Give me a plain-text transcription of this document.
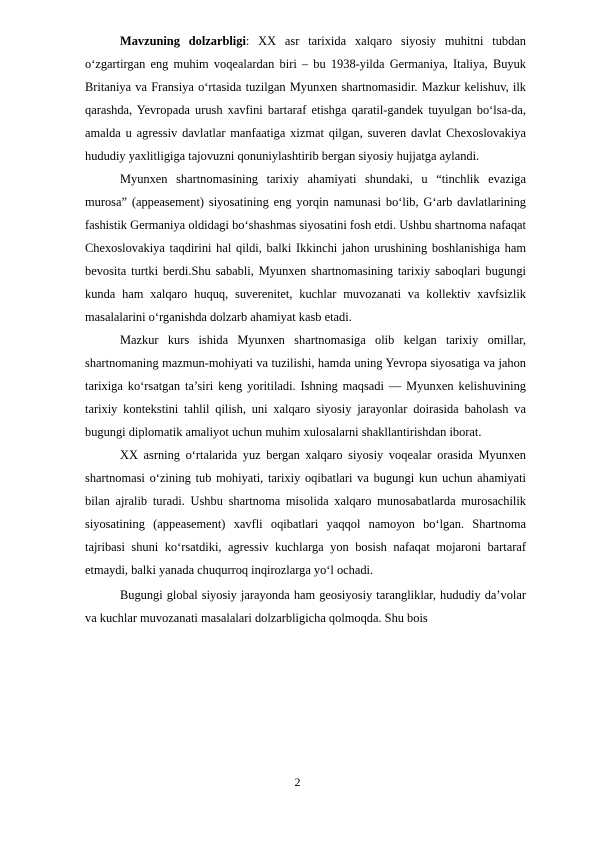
Mavzuning dolzarbligi: XX asr tarixida xalqaro siyosiy muhitni tubdan oʻzgartirgan eng muhim voqealardan biri – bu 1938-yilda Germaniya, Italiya, Buyuk Britaniya va Fransiya oʻrtasida tuzilgan Myunxen shartnomasidir. Mazkur kelishuv, ilk qarashda, Yevropada urush xavfini bartaraf etishga qaratil-gandek tuyulgan boʻlsa-da, amalda u agressiv davlatlar manfaatiga xizmat qilgan, suveren davlat Chexoslovakiya hududiy yaxlitligiga tajovuzni qonuniylashtirib bergan siyosiy hujjatga aylandi.

Myunxen shartnomasining tarixiy ahamiyati shundaki, u “tinchlik evaziga murosa” (appeasement) siyosatining eng yorqin namunasi boʻlib, Gʻarb davlatlarining fashistik Germaniya oldidagi boʻshashmas siyosatini fosh etdi. Ushbu shartnoma nafaqat Chexoslovakiya taqdirini hal qildi, balki Ikkinchi jahon urushining boshlanishiga ham bevosita turtki berdi.Shu sababli, Myunxen shartnomasining tarixiy saboqlari bugungi kunda ham xalqaro huquq, suverenitet, kuchlar muvozanati va kollektiv xavfsizlik masalalarini oʻrganishda dolzarb ahamiyat kasb etadi.

Mazkur kurs ishida Myunxen shartnomasiga olib kelgan tarixiy omillar, shartnomaning mazmun-mohiyati va tuzilishi, hamda uning Yevropa siyosatiga va jahon tarixiga koʻrsatgan ta’siri keng yoritiladi. Ishning maqsadi — Myunxen kelishuvining tarixiy kontekstini tahlil qilish, uni xalqaro siyosiy jarayonlar doirasida baholash va bugungi diplomatik amaliyot uchun muhim xulosalarni shakllantirishdan iborat.

XX asrning oʻrtalarida yuz bergan xalqaro siyosiy voqealar orasida Myunxen shartnomasi oʻzining tub mohiyati, tarixiy oqibatlari va bugungi kun uchun ahamiyati bilan ajralib turadi. Ushbu shartnoma misolida xalqaro munosabatlarda murosachilik siyosatining (appeasement) xavfli oqibatlari yaqqol namoyon boʻlgan. Shartnoma tajribasi shuni koʻrsatdiki, agressiv kuchlarga yon bosish nafaqat mojaroni bartaraf etmaydi, balki yanada chuqurroq inqirozlarga yoʻl ochadi.

Bugungi global siyosiy jarayonda ham geosiyosiy tarangliklar, hududiy da’volar va kuchlar muvozanati masalalari dolzarbligicha qolmoqda. Shu bois

2
